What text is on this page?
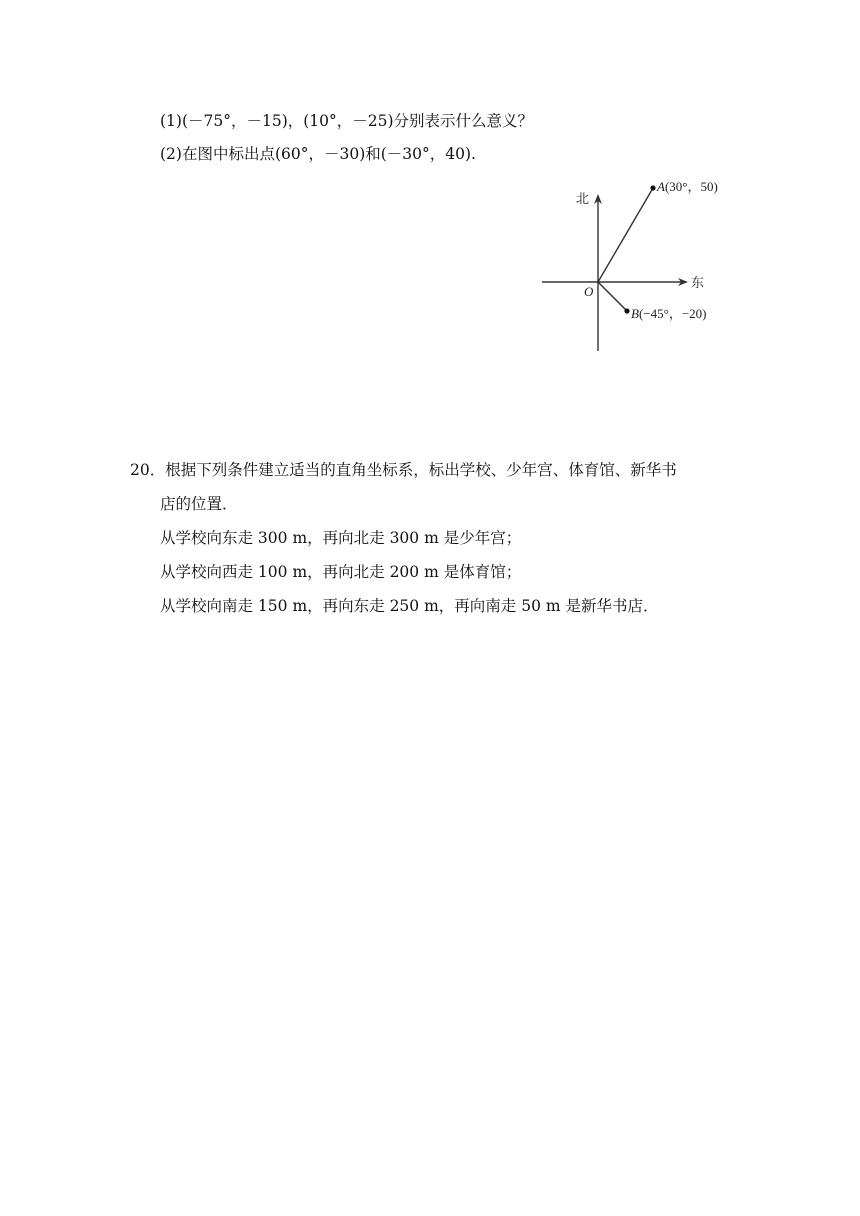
(1)(－75°，－15)，(10°，－25)分别表示什么意义？
(2)在图中标出点(60°，－30)和(－30°，40).
北
东
O
A(30°，50)
B(−45°，−20)
20．根据下列条件建立适当的直角坐标系，标出学校、少年宫、体育馆、新华书
店的位置．
从学校向东走 300 m，再向北走 300 m 是少年宫；
从学校向西走 100 m，再向北走 200 m 是体育馆；
从学校向南走 150 m，再向东走 250 m，再向南走 50 m 是新华书店．
